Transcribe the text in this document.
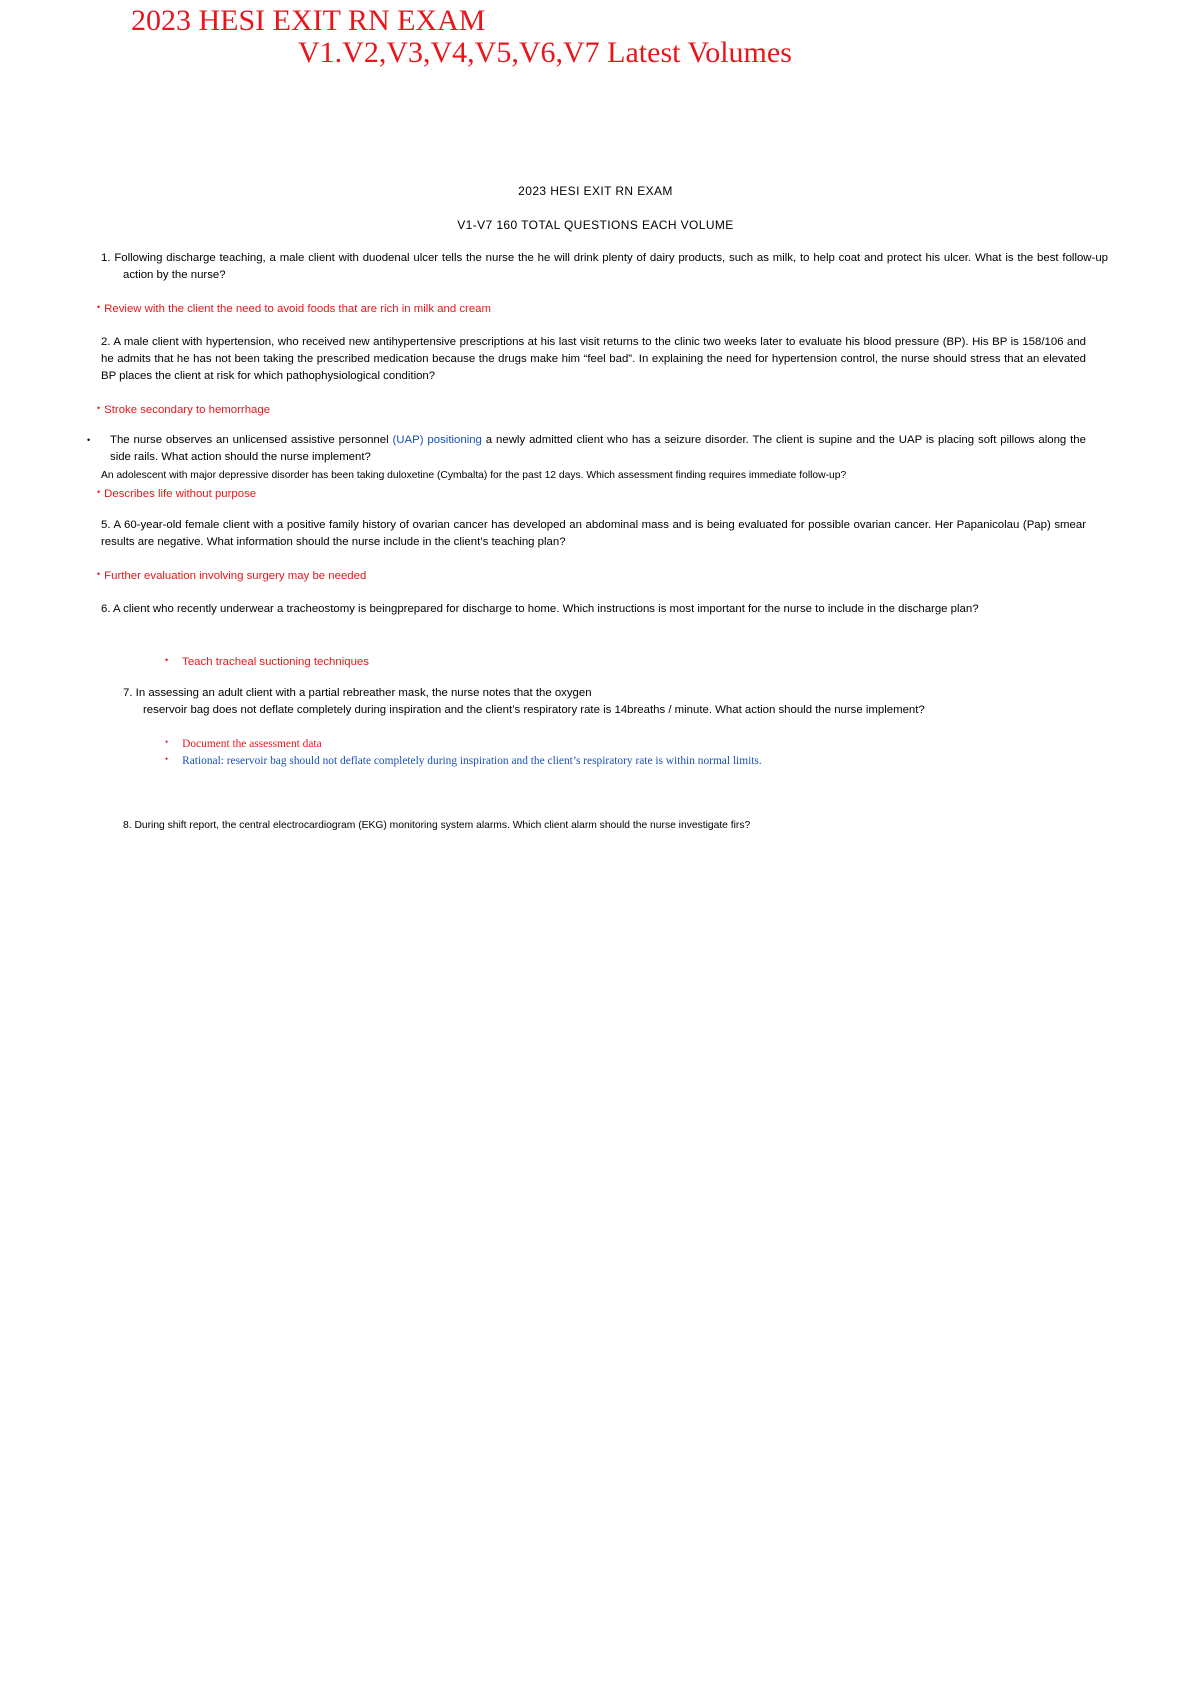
2023 HESI EXIT RN EXAM
V1.V2,V3,V4,V5,V6,V7 Latest Volumes
2023 HESI EXIT RN EXAM
V1-V7 160 TOTAL QUESTIONS EACH VOLUME
1. Following discharge teaching, a male client with duodenal ulcer tells the nurse the he will drink plenty of dairy products, such as milk, to help coat and protect his ulcer. What is the best follow-up action by the nurse?
• Review with the client the need to avoid foods that are rich in milk and cream
2. A male client with hypertension, who received new antihypertensive prescriptions at his last visit returns to the clinic two weeks later to evaluate his blood pressure (BP). His BP is 158/106 and he admits that he has not been taking the prescribed medication because the drugs make him “feel bad”. In explaining the need for hypertension control, the nurse should stress that an elevated BP places the client at risk for which pathophysiological condition?
• Stroke secondary to hemorrhage
• The nurse observes an unlicensed assistive personnel (UAP) positioning a newly admitted client who has a seizure disorder. The client is supine and the UAP is placing soft pillows along the side rails. What action should the nurse implement?
An adolescent with major depressive disorder has been taking duloxetine (Cymbalta) for the past 12 days. Which assessment finding requires immediate follow-up?
• Describes life without purpose
5. A 60-year-old female client with a positive family history of ovarian cancer has developed an abdominal mass and is being evaluated for possible ovarian cancer. Her Papanicolau (Pap) smear results are negative. What information should the nurse include in the client’s teaching plan?
• Further evaluation involving surgery may be needed
6. A client who recently underwear a tracheostomy is beingprepared for discharge to home. Which instructions is most important for the nurse to include in the discharge plan?
• Teach tracheal suctioning techniques
7. In assessing an adult client with a partial rebreather mask, the nurse notes that the oxygen
reservoir bag does not deflate completely during inspiration and the client’s respiratory rate is 14breaths / minute. What action should the nurse implement?
• Document the assessment data
• Rational: reservoir bag should not deflate completely during inspiration and the client’s respiratory rate is within normal limits.
8. During shift report, the central electrocardiogram (EKG) monitoring system alarms. Which client alarm should the nurse investigate firs?
